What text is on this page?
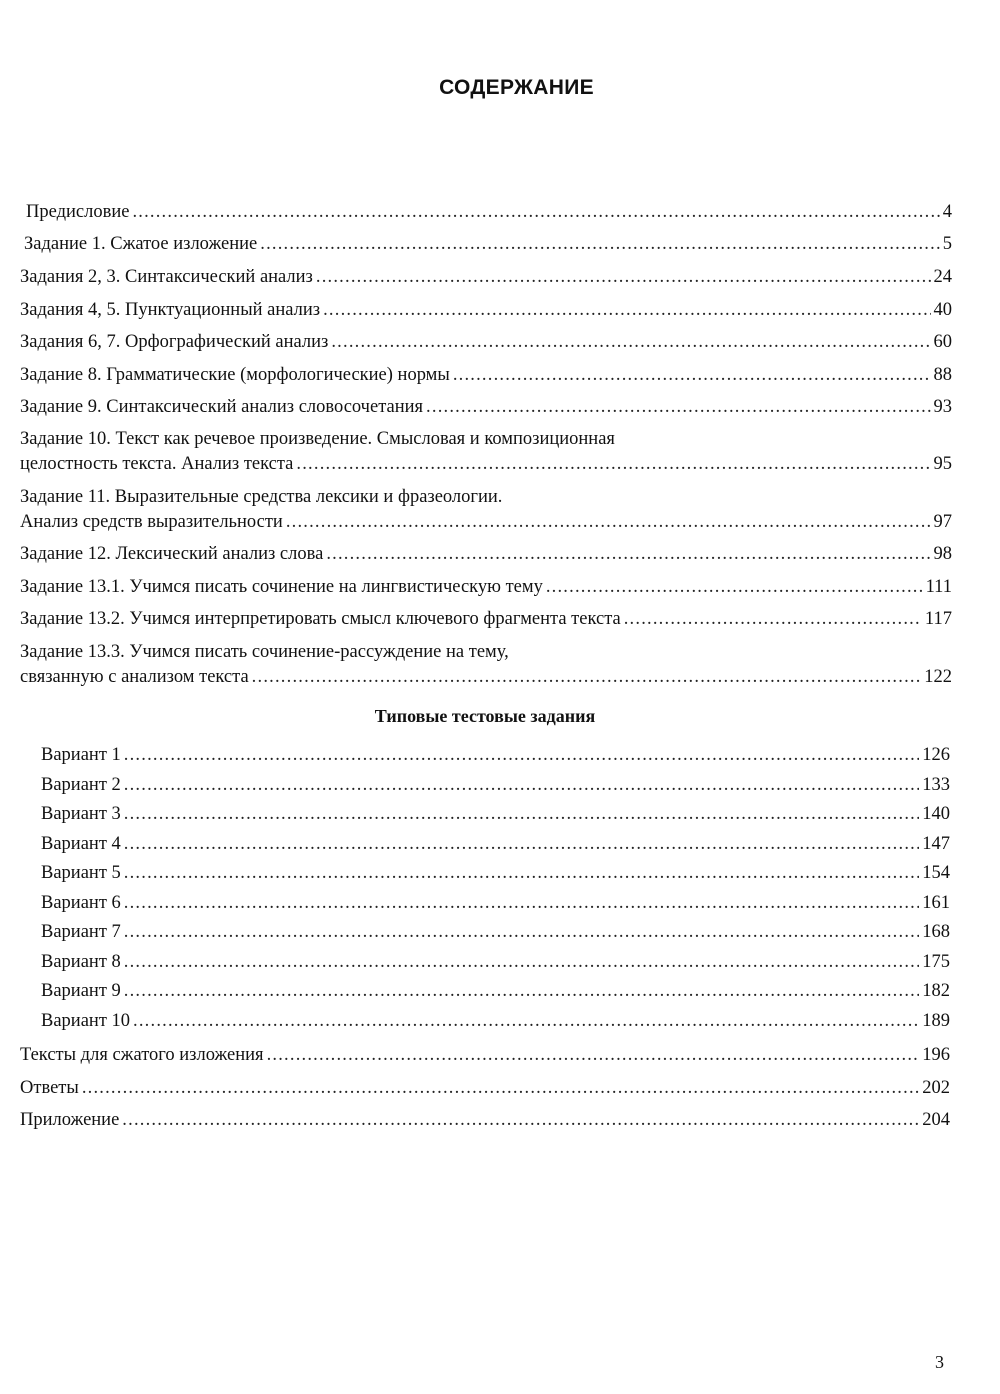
СОДЕРЖАНИЕ
Предисловие .....	4
Задание 1. Сжатое изложение .....	5
Задания 2, 3. Синтаксический анализ .....	24
Задания 4, 5. Пунктуационный анализ .....	40
Задания 6, 7. Орфографический анализ .....	60
Задание 8. Грамматические (морфологические) нормы .....	88
Задание 9. Синтаксический анализ словосочетания .....	93
Задание 10. Текст как речевое произведение. Смысловая и композиционная
целостность текста. Анализ текста .....	95
Задание 11. Выразительные средства лексики и фразеологии.
Анализ средств выразительности .....	97
Задание 12. Лексический анализ слова .....	98
Задание 13.1. Учимся писать сочинение на лингвистическую тему .....	111
Задание 13.2. Учимся интерпретировать смысл ключевого фрагмента текста .....	117
Задание 13.3. Учимся писать сочинение-рассуждение на тему,
связанную с анализом текста .....	122
Типовые тестовые задания
Вариант 1 .....	126
Вариант 2 .....	133
Вариант 3 .....	140
Вариант 4 .....	147
Вариант 5 .....	154
Вариант 6 .....	161
Вариант 7 .....	168
Вариант 8 .....	175
Вариант 9 .....	182
Вариант 10 .....	189
Тексты для сжатого изложения .....	196
Ответы .....	202
Приложение .....	204
3
